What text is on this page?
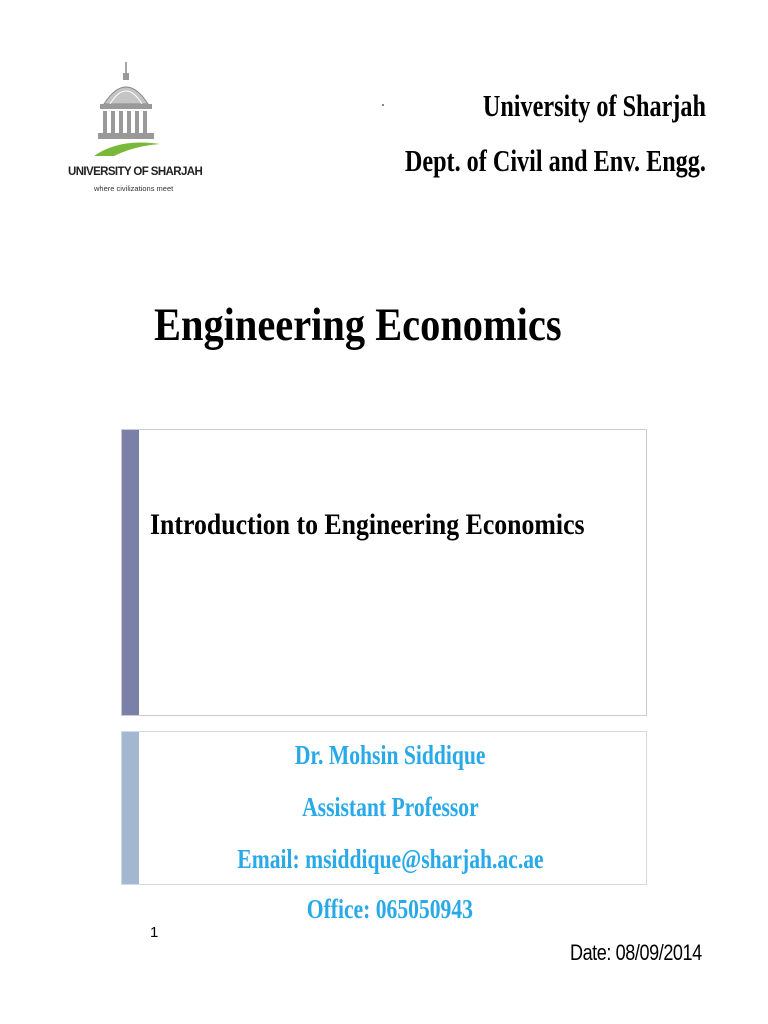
UNIVERSITY OF SHARJAH
where civilizations meet
University of Sharjah
Dept. of Civil and Env. Engg.
Engineering Economics
Introduction to Engineering Economics
Dr. Mohsin Siddique
Assistant Professor
Email: msiddique@sharjah.ac.ae
Office: 065050943
1
Date: 08/09/2014
